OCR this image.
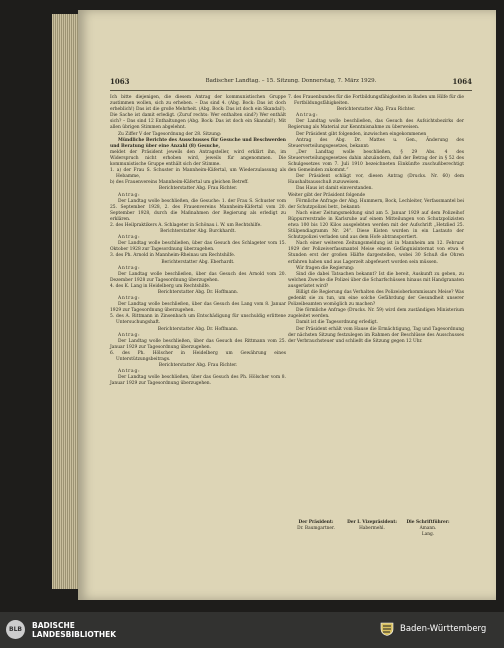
1063	Badischer Landtag. – 15. Sitzung. Donnerstag, 7. März 1929.	1064

Ich bitte diejenigen, die diesem Antrag der kommunistischen Gruppe zustimmen wollen, sich zu erheben. – Das sind 4. (Abg. Bock: Das ist doch erheblich!) Das ist die große Mehrheit. (Abg. Bock: Das ist doch ein Skandal!). Die Sache ist damit erledigt. (Zuruf rechts: Wer enthalten sind?) Wer enthält sich? – Das sind 12 Enthaltungen (Abg. Bock: Das ist doch ein Skandal!). Mit allen übrigen Stimmen abgelehnt.

Zu Ziffer V der Tagesordnung der 28. Sitzung:

Mündliche Berichte des Ausschusses für Gesuche und Beschwerden und Beratung über eine Anzahl (8) Gesuche,

meldet der Präsident jeweils den Antragsteller, wird erklärt ihn, im Widerspruch nicht erhoben wird, jeweils für angenommen. Die kommunistische Gruppe enthält sich der Stimme.

1. a) der Frau S. Schuster in Mannheim-Käfertal, um Wiederzulassung als Hebamme,

b) des Frauenvereins Mannheim-Käfertal um gleichen Betreff.

Berichterstatter Abg. Frau Richter.

Antrag:

Der Landtag wolle beschließen, die Gesuche: 1. der Frau S. Schuster vom 25. September 1928, 2. des Frauenvereins Mannheim-Käfertal vom 20. September 1928, durch die Maßnahmen der Regierung als erledigt zu erklären.

2. des Heilpraktikers A. Schlageter in Schönau i. W. um Rechtshilfe.

Berichterstatter Abg. Burckhardt.

Antrag:

Der Landtag wolle beschließen, über das Gesuch des Schlageter vom 15. Oktober 1928 zur Tagesordnung überzugehen.

3. des Ph. Arnold in Mannheim-Rheinau um Rechtshilfe.

Berichterstatter Abg. Eberhardt.

Antrag:

Der Landtag wolle beschließen, über das Gesuch des Arnold vom 20. Dezember 1928 zur Tagesordnung überzugehen.

4. des K. Lang in Heidelberg um Rechtshilfe.

Berichterstatter Abg. Dr. Hoffmann.

Antrag:

Der Landtag wolle beschließen, über das Gesuch des Lang vom 8. Januar 1929 zur Tagesordnung überzugehen.

5. des A. Rittmann in Zinsenbach um Entschädigung für unschuldig erlittene Untersuchungshaft.

Berichterstatter Abg. Dr. Hoffmann.

Antrag:

Der Landtag wolle beschließen, über das Gesuch des Rittmann vom 25. Januar 1929 zur Tagesordnung überzugehen.

6. des Ph. Hölscher in Heidelberg um Gewährung eines Unterstützungsbeitrags.

Berichterstatter Abg. Frau Richter.

Antrag:

Der Landtag wolle beschließen, über das Gesuch des Ph. Hölscher vom 8. Januar 1929 zur Tagesordnung überzugehen.

7. des Frauenbundes für die Fortbildungsfähigkeiten in Baden um Hilfe für die Fortbildungsfähigkeiten.

Berichterstatter Abg. Frau Richter.

Antrag:

Der Landtag wolle beschließen, das Gesuch des Aufsichtsbezirks der Regierung als Material zur Kenntnisnahme zu überweisen.

Der Präsident gibt folgenden, inzwischen eingekommenen

Antrag des Abg. Dr. Mattes u. Gen., Änderung des Steuerverteilungsgesetzes, bekannt:

„Der Landtag wolle beschließen, § 29 Abs. 4 des Steuerverteilungsgesetzes dahin abzuändern, daß der Betrag der in § 52 des Schulgesetzes vom 7. Juli 1910 bezeichneten Einkünfte zuschußberechtigt den Gemeinden zukommt.“

Der Präsident schlägt vor, diesen Antrag (Drucks. Nr. 60) dem Haushaltsausschuß zuzuweisen.

Das Haus ist damit einverstanden.

Weiter gibt der Präsident folgende

Förmliche Anfrage der Abg. Hummern, Bock, Lechleiter, Verfassmantel bei der Schutzpolizei betr., bekannt:

Nach einer Zeitungsmeldung sind am 5. Januar 1929 auf dem Polizeihof Rüppurrerstraße in Karlsruhe auf einem Mitteilungen von Schutzpolizisten etwa 100 bis 120 Kilos ausgelebten werden mit der Aufschrift „Hetzlied 25. Stülpendiagramm Nr. 24“. Diese Kisten wurden in ein Lastauto der Schutzpolizei verladen und aus dem Hofe abtransportiert.

Nach einer weiteren Zeitungsmeldung ist in Mannheim am 12. Februar 1929 der Polizeiverfassmantel Meise einem Gefängnisinternat von etwa 4 Stunden erst der großen Hälfte dargestellen, wobei 30 Schuß die Ohren erfahren haben und aus Lagerzelt abgefeuert worden sein müssen.

Wir fragen die Regierung:

Sind die dabei Tatsachen bekannt? Ist die bereit, Auskunft zu geben, zu welchen Zwecke die Polizei über die Scharfschüssen hinaus mit Handgranaten ausgerüstet wird?

Billigt die Regierung das Verhalten des Polizeioberkommissars Meise? Was gedenkt sie zu tun, um eine solche Gefährdung der Gesundheit unserer Polizeibeamten womöglich zu machen?

Die förmliche Anfrage (Drucks. Nr. 59) wird dem zuständigen Ministerium zugeleitet werden.

Damit ist die Tagesordnung erledigt.

Der Präsident erhält vom Hause die Ermächtigung, Tag und Tagesordnung der nächsten Sitzung festzulegen im Rahmen der Beschlüsse des Ausschusses der Verbrauchsteuer und schließt die Sitzung gegen 12 Uhr.

Der Präsident:
Dr. Baumgartner.Der I. Vizepräsident:
Habermehl.Die Schriftführer:
Amann.
Lang.
BLB	BADISCHE
LANDESBIBLIOTHEK
Baden-Württemberg
